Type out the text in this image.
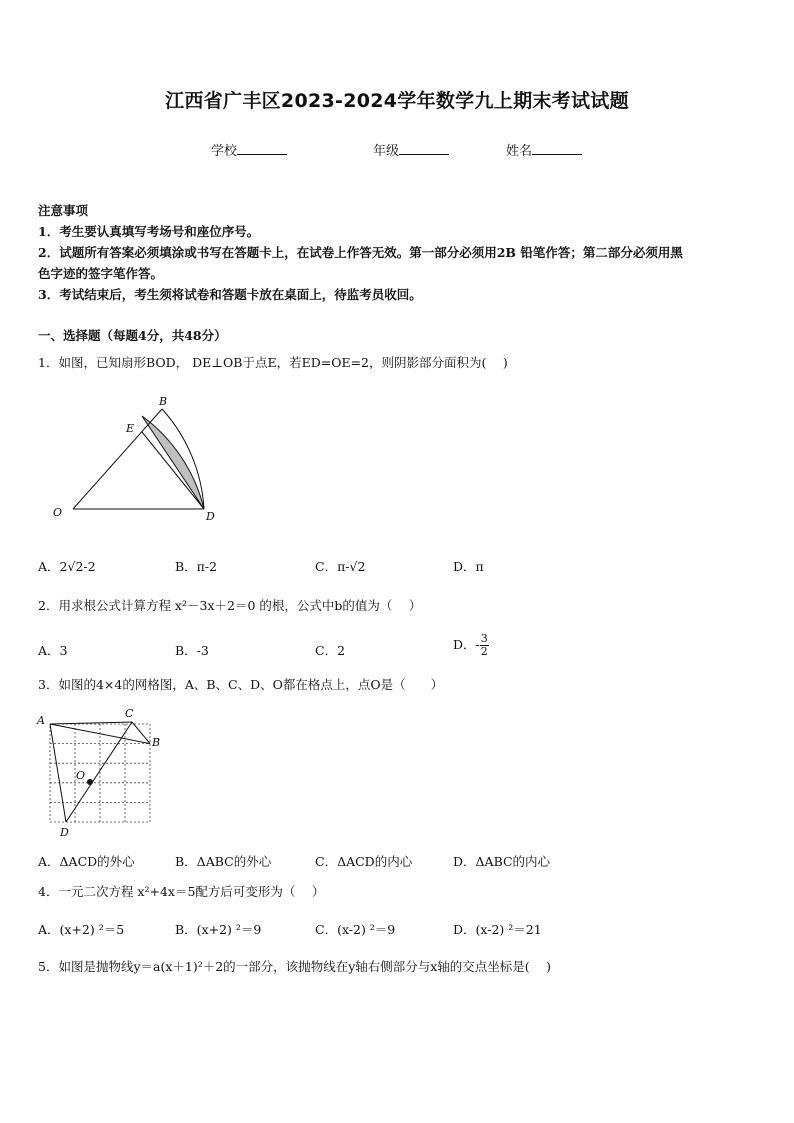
江西省广丰区2023-2024学年数学九上期末考试试题
学校	年级	姓名
注意事项
1．考生要认真填写考场号和座位序号。
2．试题所有答案必须填涂或书写在答题卡上，在试卷上作答无效。第一部分必须用2B 铅笔作答；第二部分必须用黑
色字迹的签字笔作答。
3．考试结束后，考生须将试卷和答题卡放在桌面上，待监考员收回。
一、选择题（每题4分，共48分）
1．如图，已知扇形BOD， DE⊥OB于点E，若ED=OE=2，则阴影部分面积为(　 )
B
E
O	D
A．2√2-2	B．π-2	C．π-√2	D．π
2．用求根公式计算方程 x²－3x＋2＝0 的根，公式中b的值为（　 ）
A．3	B．-3	C．2	D．- $\frac{3}{2}$
3．如图的4×4的网格图，A、B、C、D、O都在格点上，点O是（　　）
A
C
B
O
D
A．ΔACD的外心	B．ΔABC的外心	C．ΔACD的内心	D．ΔABC的内心
4．一元二次方程 x²+4x＝5配方后可变形为（　 ）
A．(x+2) ²＝5	B．(x+2) ²＝9	C．(x-2) ²＝9	D．(x-2) ²＝21
5．如图是抛物线y＝a(x＋1)²＋2的一部分，该抛物线在y轴右侧部分与x轴的交点坐标是(　 )
